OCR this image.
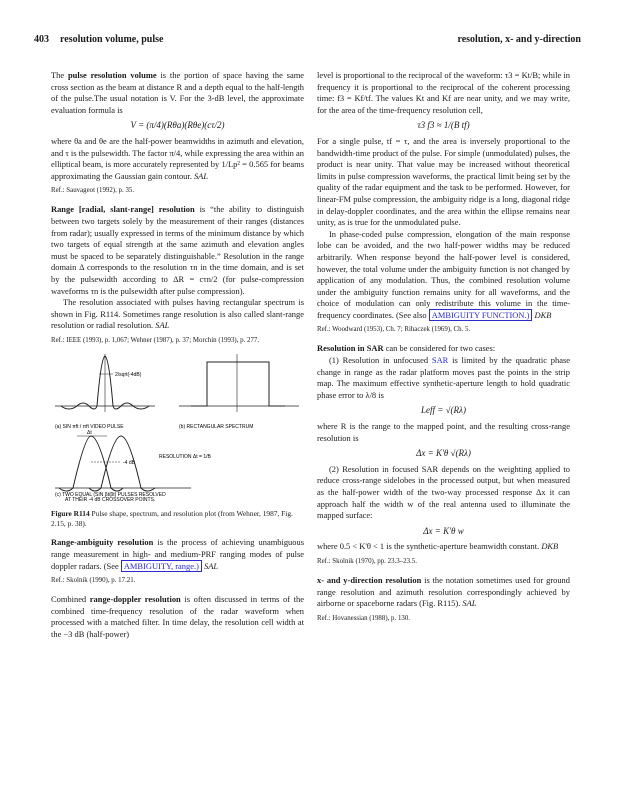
403 resolution volume, pulse	resolution, x- and y-direction

The pulse resolution volume is the portion of space having the same cross section as the beam at distance R and a depth equal to the half-length of the pulse.The usual notation is V. For the 3-dB level, the approximate evaluation formula is

V = (π/4)(Rθa)(Rθe)(cτ/2)

where θa and θe are the half-power beamwidths in azimuth and elevation, and τ is the pulsewidth. The factor π/4, while expressing the area within an elliptical beam, is more accurately represented by 1/Lp² = 0.565 for beams approximating the Gaussian gain contour. SAL

Ref.: Sauvageot (1992), p. 35.

Range [radial, slant-range] resolution is “the ability to distinguish between two targets solely by the measurement of their ranges (distances from radar); usually expressed in terms of the minimum distance by which two targets of equal strength at the same azimuth and elevation angles must be spaced to be separately distinguishable.” Resolution in the range domain Δ corresponds to the resolution τn in the time domain, and is set by the pulsewidth according to ΔR = cτn/2 (for pulse-compression waveforms τn is the pulsewidth after pulse compression).

The resolution associated with pulses having rectangular spectrum is shown in Fig. R114. Sometimes range resolution is also called slant-range resolution or radial resolution. SAL

Ref.: IEEE (1993), p. 1,067; Wehner (1987), p. 37; Morchin (1993), p. 277.

2/sqrt(-4dB)
(a) SIN πft / πft VIDEO PULSE	(b) RECTANGULAR SPECTRUM
Δt
-4 dB
RESOLUTION Δt = 1/B
(c) TWO EQUAL (SIN βt/βt) PULSES RESOLVED
AT THEIR -4 dB CROSSOVER POINTS.

Figure R114 Pulse shape, spectrum, and resolution plot (from Wehner, 1987, Fig. 2.15, p. 38).

Range-ambiguity resolution is the process of achieving unambiguous range measurement in high- and medium-PRF ranging modes of pulse doppler radars. (See AMBIGUITY, range.) SAL

Ref.: Skolnik (1990), p. 17.21.

Combined range-doppler resolution is often discussed in terms of the combined time-frequency resolution of the radar waveform when processed with a matched filter. In time delay, the resolution cell width at the −3 dB (half-power)

level is proportional to the reciprocal of the waveform: τ3 = Kt/B; while in frequency it is proportional to the reciprocal of the coherent processing time: f3 = Kf/tf. The values Kt and Kf are near unity, and we may write, for the area of the time-frequency resolution cell,

τ3 f3 ≈ 1/(B tf)

For a single pulse, tf = τ, and the area is inversely proportional to the bandwidth-time product of the pulse. For simple (unmodulated) pulses, the product is near unity. That value may be increased without theoretical limits in pulse compression waveforms, the practical limit being set by the quality of the radar equipment and the task to be performed. However, for linear-FM pulse compression, the ambiguity ridge is a long, diagonal ridge in delay-doppler coordinates, and the area within the ellipse remains near unity, as is true for the unmodulated pulse.

In phase-coded pulse compression, elongation of the main response lobe can be avoided, and the two half-power widths may be reduced arbitrarily. When response beyond the half-power level is considered, however, the total volume under the ambiguity function is not changed by application of any modulation. Thus, the combined resolution volume under the ambiguity function remains unity for all waveforms, and the choice of modulation can only redistribute this volume in the time-frequency coordinates. (See also AMBIGUITY FUNCTION.) DKB

Ref.: Woodward (1953), Ch. 7; Rihaczek (1969), Ch. 5.

Resolution in SAR can be considered for two cases:

(1) Resolution in unfocused SAR is limited by the quadratic phase change in range as the radar platform moves past the points in the strip map. The maximum effective synthetic-aperture length to hold quadratic phase error to λ/8 is

Leff = √(Rλ)

where R is the range to the mapped point, and the resulting cross-range resolution is

Δx = K'θ √(Rλ)

(2) Resolution in focused SAR depends on the weighting applied to reduce cross-range sidelobes in the processed output, but when measured as the half-power width of the two-way processed response Δx it can approach half the width w of the real antenna used to illuminate the mapped surface:

Δx = K'θ w

where 0.5 < K'θ < 1 is the synthetic-aperture beamwidth constant. DKB

Ref.: Skolnik (1970), pp. 23.3–23.5.

x- and y-direction resolution is the notation sometimes used for ground range resolution and azimuth resolution correspondingly achieved by airborne or spaceborne radars (Fig. R115). SAL

Ref.: Hovanessian (1988), p. 130.
